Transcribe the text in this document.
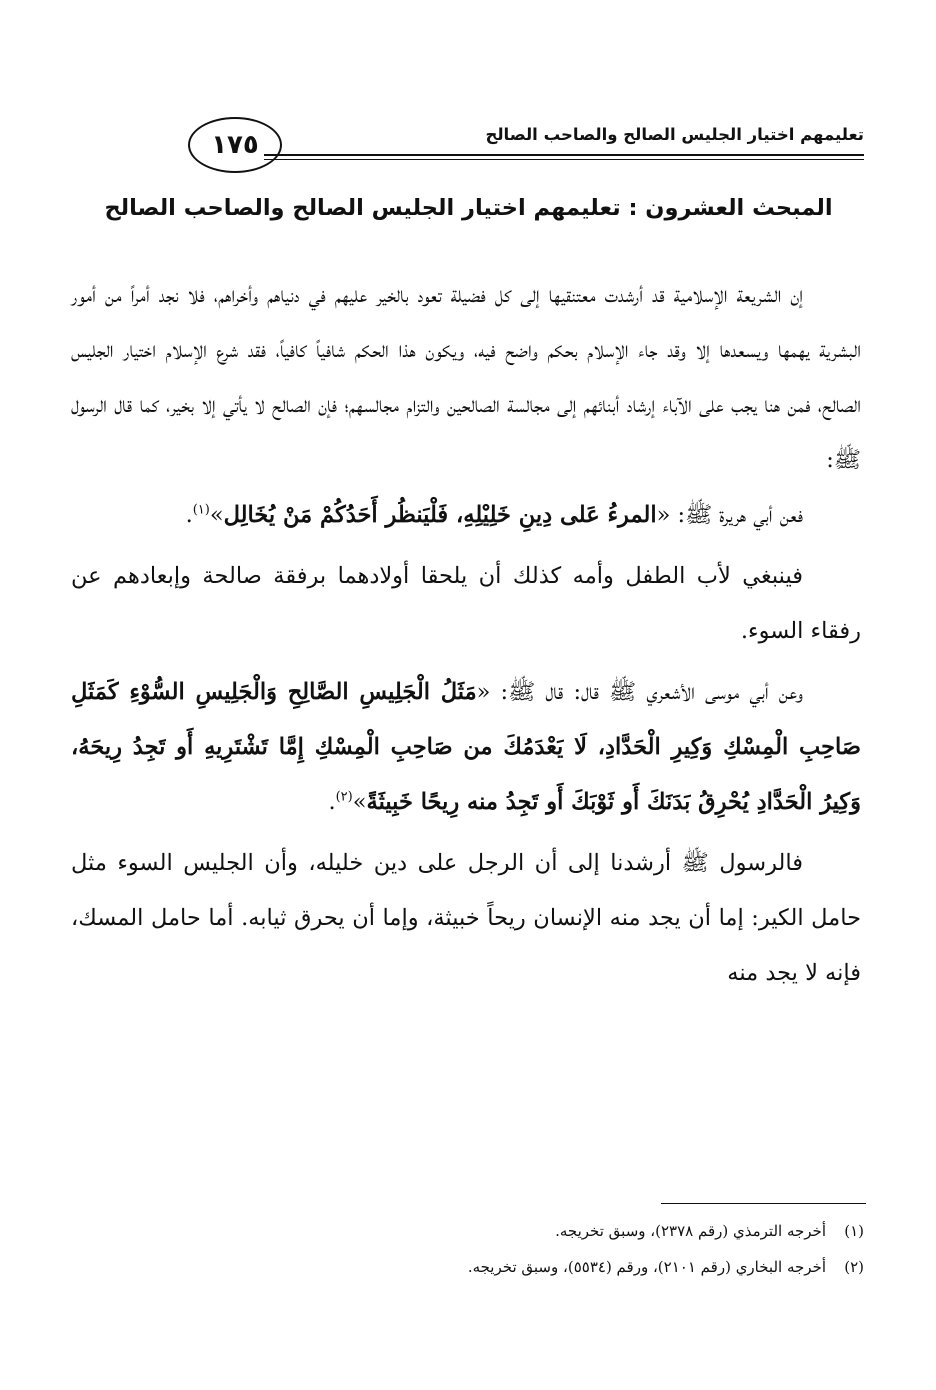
تعليمهم اختيار الجليس الصالح والصاحب الصالح
١٧٥
المبحث العشرون : تعليمهم اختيار الجليس الصالح والصاحب الصالح

إن الشريعة الإسلامية قد أرشدت معتنقيها إلى كل فضيلة تعود بالخير عليهم في دنياهم وأخراهم، فلا نجد أمراً من أمور البشرية يهمها ويسعدها إلا وقد جاء الإسلام بحكم واضح فيه، ويكون هذا الحكم شافياً كافياً، فقد شرع الإسلام اختيار الجليس الصالح، فمن هنا يجب على الآباء إرشاد أبنائهم إلى مجالسة الصالحين والتزام مجالسهم؛ فإن الصالح لا يأتي إلا بخير، كما قال الرسول ﷺ:

فعن أبي هريرة ﷺ: «المرءُ عَلى دِينِ خَلِيْلِهِ، فَلْيَنظُر أَحَدُكُمْ مَنْ يُخَالِل»$^{(١)}$.

فينبغي لأب الطفل وأمه كذلك أن يلحقا أولادهما برفقة صالحة وإبعادهم عن رفقاء السوء.

وعن أبي موسى الأشعري ﷺ قال: قال ﷺ: «مَثَلُ الْجَلِيسِ الصَّالِحِ وَالْجَلِيسِ السُّوْءِ كَمَثَلِ صَاحِبِ الْمِسْكِ وَكِيرِ الْحَدَّادِ، لَا يَعْدَمُكَ من صَاحِبِ الْمِسْكِ إِمَّا تَشْتَرِيهِ أَو تَجِدُ رِيحَهُ، وَكِيرُ الْحَدَّادِ يُحْرِقُ بَدَنَكَ أَو ثَوْبَكَ أَو تَجِدُ منه رِيحًا خَبِيثَةً»$^{(٢)}$.

فالرسول ﷺ أرشدنا إلى أن الرجل على دين خليله، وأن الجليس السوء مثل حامل الكير: إما أن يجد منه الإنسان ريحاً خبيثة، وإما أن يحرق ثيابه. أما حامل المسك، فإنه لا يجد منه

(١)أخرجه الترمذي (رقم ٢٣٧٨)، وسبق تخريجه.
(٢)أخرجه البخاري (رقم ٢١٠١)، ورقم (٥٥٣٤)، وسبق تخريجه.
